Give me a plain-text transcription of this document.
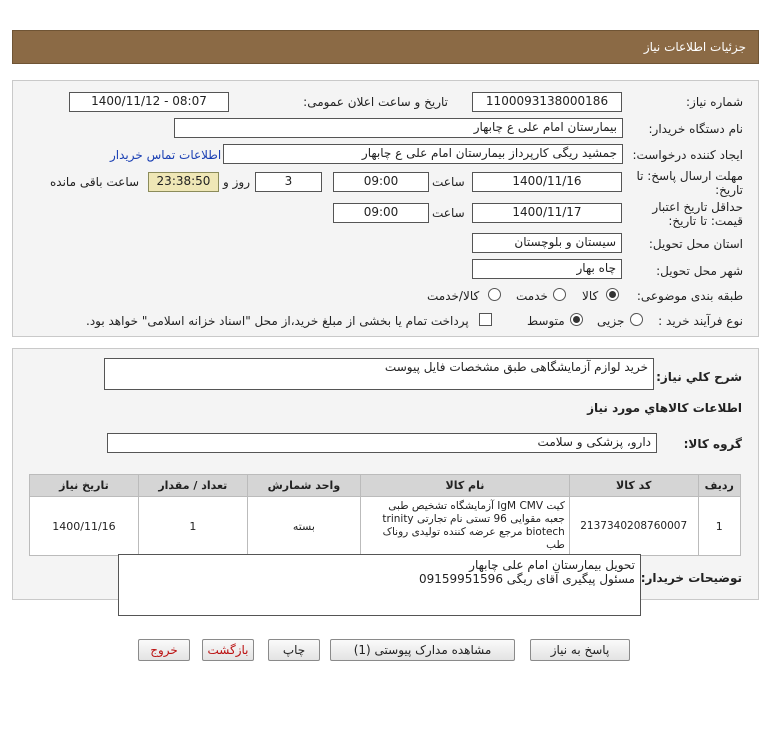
جزئیات اطلاعات نیاز
شماره نیاز:
1100093138000186
تاریخ و ساعت اعلان عمومی:
1400/11/12 - 08:07
نام دستگاه خریدار:
بیمارستان امام علی ع چابهار
ایجاد کننده درخواست:
جمشید ریگی کارپرداز بیمارستان امام علی ع چابهار
اطلاعات تماس خریدار
مهلت ارسال پاسخ: تا
تاریخ:
1400/11/16
ساعت
09:00
3
روز و
23:38:50
ساعت باقی مانده
حداقل تاریخ اعتبار
قیمت: تا تاریخ:
1400/11/17
ساعت
09:00
استان محل تحویل:
سیستان و بلوچستان
شهر محل تحویل:
چاه بهار
طبقه بندی موضوعی:
کالا
خدمت
کالا/خدمت
نوع فرآیند خرید :
جزیی
متوسط
پرداخت تمام یا بخشی از مبلغ خرید،از محل "اسناد خزانه اسلامی" خواهد بود.
شرح کلي نياز:
خرید لوازم آزمایشگاهی طبق مشخصات فایل پیوست
اطلاعات کالاهاي مورد نياز
گروه کالا:
دارو، پزشکی و سلامت
ردیف	کد کالا	نام کالا	واحد شمارش	تعداد / مقدار	تاریخ نیاز
1	2137340208760007	کیت IgM CMV آزمایشگاه تشخیص طبی جعبه مقوایی 96 تستی نام تجارتی trinity biotech مرجع عرضه کننده تولیدی روناک طب	بسته	1	1400/11/16
توضیحات خریدار:
تحویل بیمارستان امام علی چابهار
مسئول پیگیری آقای ریگی 09159951596
پاسخ به نیاز
مشاهده مدارک پیوستی (1)
چاپ
بازگشت
خروج
